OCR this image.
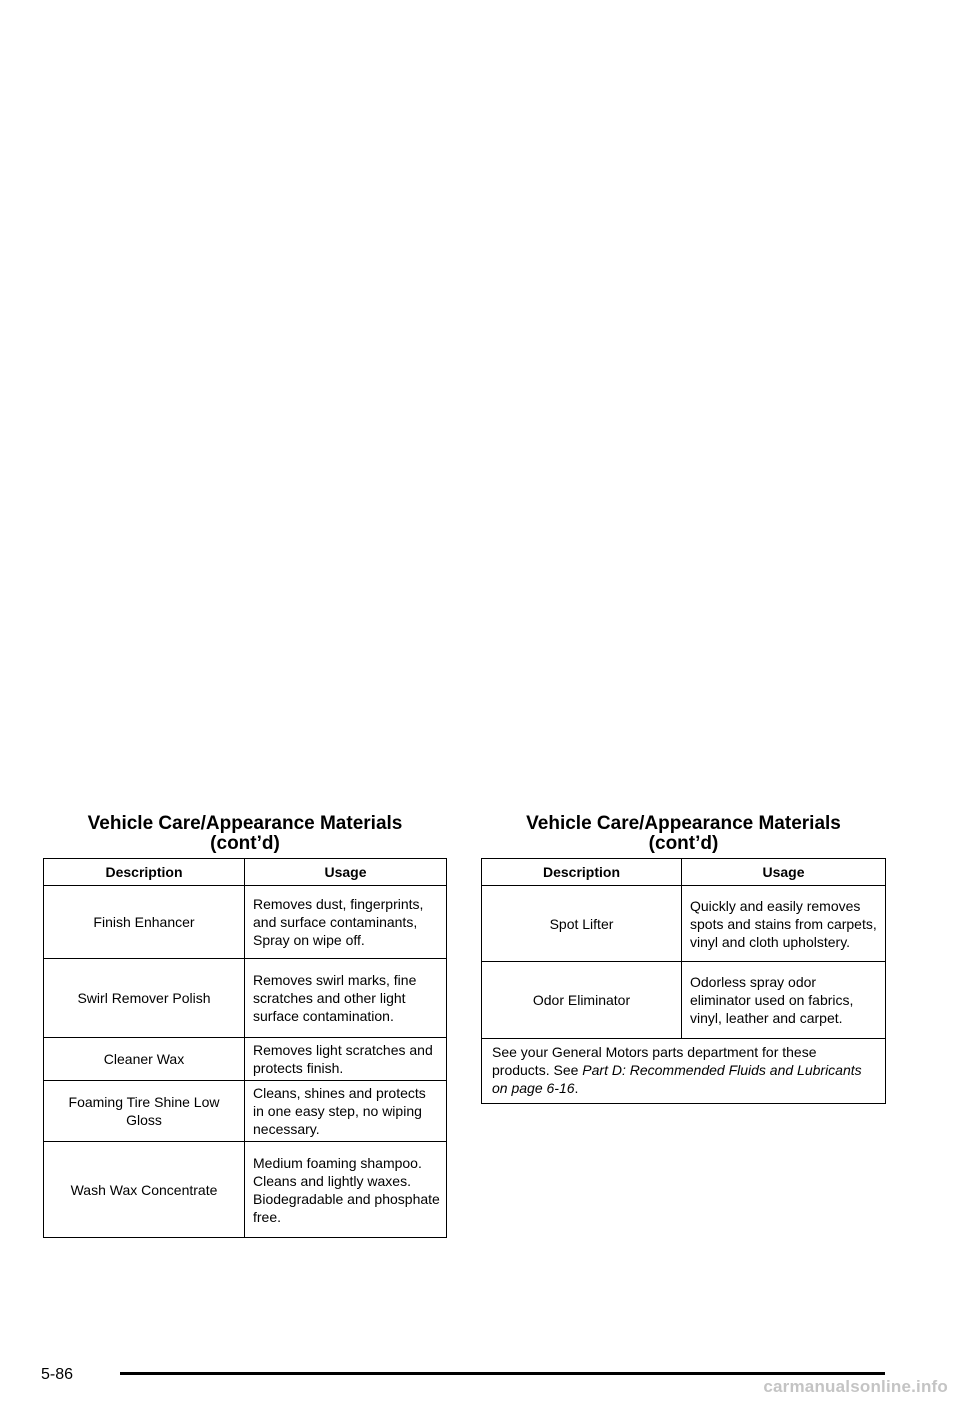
Vehicle Care/Appearance Materials
(cont’d)
Description	Usage
Finish Enhancer	Removes dust, fingerprints, and surface contaminants, Spray on wipe off.
Swirl Remover Polish	Removes swirl marks, fine scratches and other light surface contamination.
Cleaner Wax	Removes light scratches and protects finish.
Foaming Tire Shine Low Gloss	Cleans, shines and protects in one easy step, no wiping necessary.
Wash Wax Concentrate	Medium foaming shampoo. Cleans and lightly waxes. Biodegradable and phosphate free.
Vehicle Care/Appearance Materials
(cont’d)
Description	Usage
Spot Lifter	Quickly and easily removes spots and stains from carpets, vinyl and cloth upholstery.
Odor Eliminator	Odorless spray odor eliminator used on fabrics, vinyl, leather and carpet.
See your General Motors parts department for these products. See Part D: Recommended Fluids and Lubricants on page 6-16.	
5-86
carmanualsonline.info
